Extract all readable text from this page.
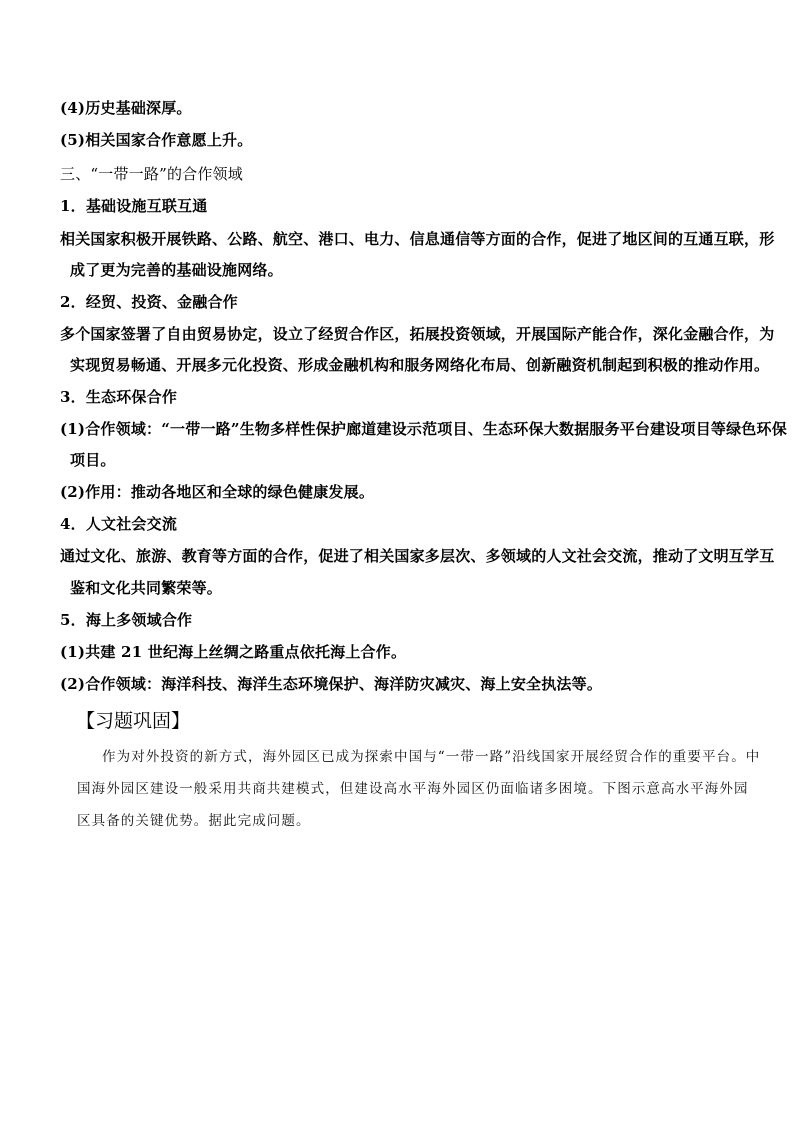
(4)历史基础深厚。
(5)相关国家合作意愿上升。
三、“一带一路”的合作领域
1．基础设施互联互通
相关国家积极开展铁路、公路、航空、港口、电力、信息通信等方面的合作，促进了地区间的互通互联，形
成了更为完善的基础设施网络。
2．经贸、投资、金融合作
多个国家签署了自由贸易协定，设立了经贸合作区，拓展投资领域，开展国际产能合作，深化金融合作，为
实现贸易畅通、开展多元化投资、形成金融机构和服务网络化布局、创新融资机制起到积极的推动作用。
3．生态环保合作
(1)合作领域：“一带一路”生物多样性保护廊道建设示范项目、生态环保大数据服务平台建设项目等绿色环保
项目。
(2)作用：推动各地区和全球的绿色健康发展。
4．人文社会交流
通过文化、旅游、教育等方面的合作，促进了相关国家多层次、多领域的人文社会交流，推动了文明互学互
鉴和文化共同繁荣等。
5．海上多领域合作
(1)共建 21 世纪海上丝绸之路重点依托海上合作。
(2)合作领域：海洋科技、海洋生态环境保护、海洋防灾减灾、海上安全执法等。
【习题巩固】
作为对外投资的新方式，海外园区已成为探索中国与“一带一路”沿线国家开展经贸合作的重要平台。中
国海外园区建设一般采用共商共建模式，但建设高水平海外园区仍面临诸多困境。下图示意高水平海外园
区具备的关键优势。据此完成问题。
